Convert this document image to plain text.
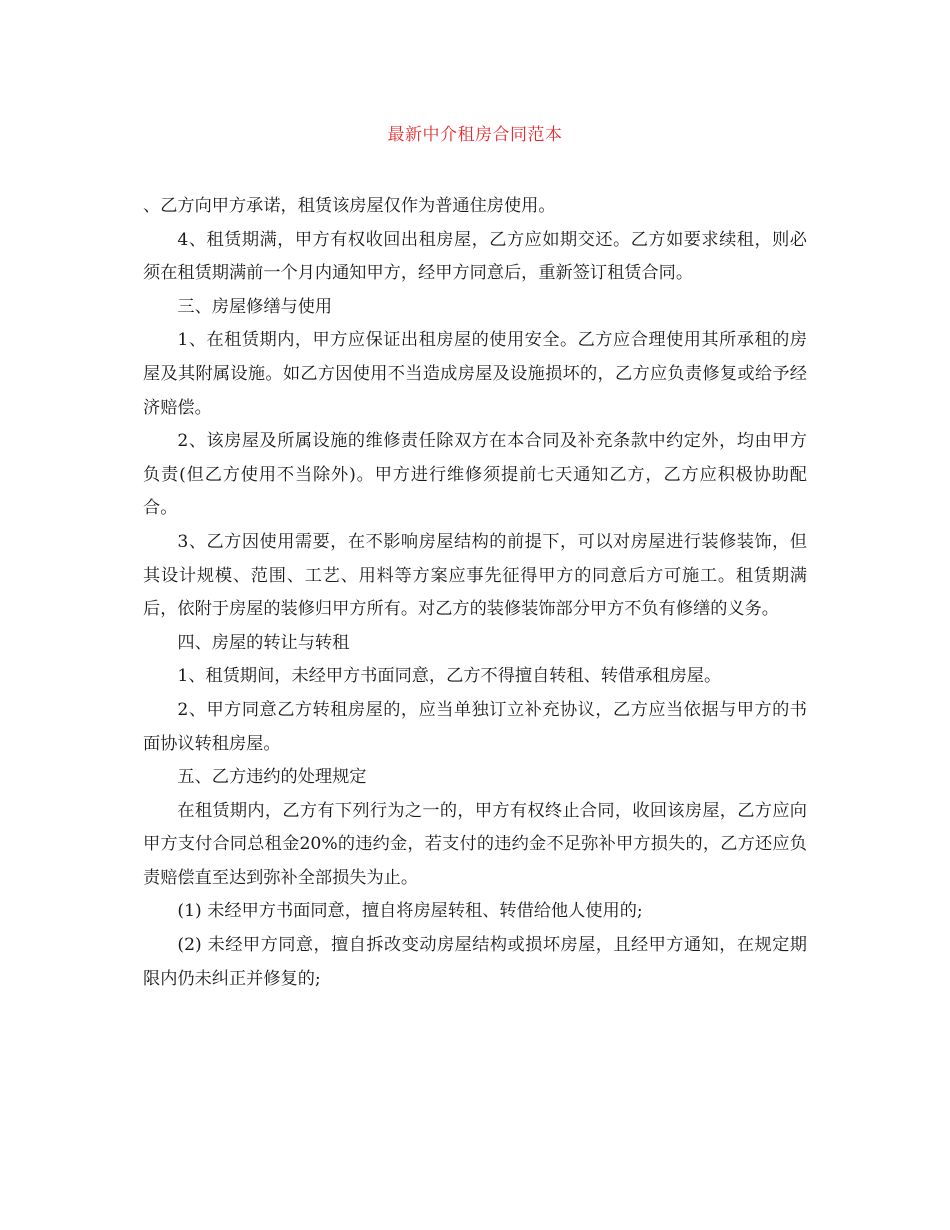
最新中介租房合同范本

、乙方向甲方承诺，租赁该房屋仅作为普通住房使用。

4、租赁期满，甲方有权收回出租房屋，乙方应如期交还。乙方如要求续租，则必须在租赁期满前一个月内通知甲方，经甲方同意后，重新签订租赁合同。

三、房屋修缮与使用

1、在租赁期内，甲方应保证出租房屋的使用安全。乙方应合理使用其所承租的房屋及其附属设施。如乙方因使用不当造成房屋及设施损坏的，乙方应负责修复或给予经济赔偿。

2、该房屋及所属设施的维修责任除双方在本合同及补充条款中约定外，均由甲方负责(但乙方使用不当除外)。甲方进行维修须提前七天通知乙方，乙方应积极协助配合。

3、乙方因使用需要，在不影响房屋结构的前提下，可以对房屋进行装修装饰，但其设计规模、范围、工艺、用料等方案应事先征得甲方的同意后方可施工。租赁期满后，依附于房屋的装修归甲方所有。对乙方的装修装饰部分甲方不负有修缮的义务。

四、房屋的转让与转租

1、租赁期间，未经甲方书面同意，乙方不得擅自转租、转借承租房屋。

2、甲方同意乙方转租房屋的，应当单独订立补充协议，乙方应当依据与甲方的书面协议转租房屋。

五、乙方违约的处理规定

在租赁期内，乙方有下列行为之一的，甲方有权终止合同，收回该房屋，乙方应向甲方支付合同总租金20%的违约金，若支付的违约金不足弥补甲方损失的，乙方还应负责赔偿直至达到弥补全部损失为止。

(1) 未经甲方书面同意，擅自将房屋转租、转借给他人使用的;

(2) 未经甲方同意，擅自拆改变动房屋结构或损坏房屋，且经甲方通知，在规定期限内仍未纠正并修复的;
